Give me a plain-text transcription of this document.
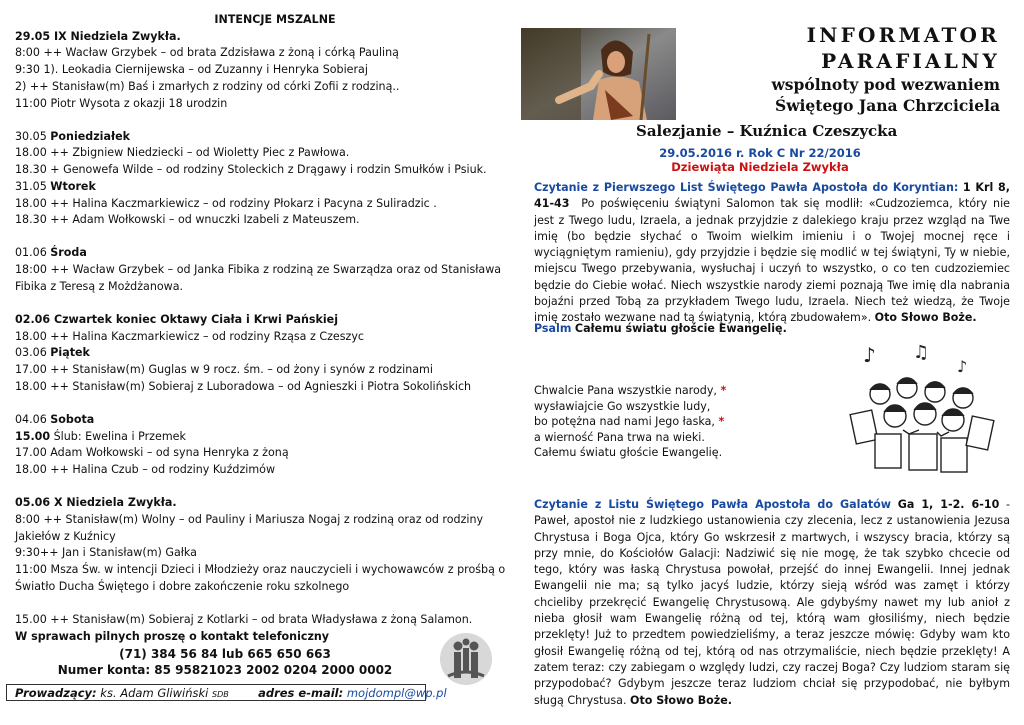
INTENCJE MSZALNE
29.05 IX Niedziela Zwykła.
8:00 ++ Wacław Grzybek – od brata Zdzisława z żoną i córką Pauliną
9:30 1). Leokadia Ciernijewska – od Zuzanny i Henryka Sobieraj
2) ++ Stanisław(m) Baś i zmarłych z rodziny od córki Zofii z rodziną..
11:00 Piotr Wysota z okazji 18 urodzin
30.05 Poniedziałek
18.00 ++ Zbigniew Niedziecki – od Wioletty Piec z Pawłowa.
18.30 + Genowefa Wilde – od rodziny Stoleckich z Drągawy i rodzin Smułków i Psiuk.
31.05 Wtorek
18.00 ++ Halina Kaczmarkiewicz – od rodziny Płokarz i Pacyna z Suliradzic .
18.30 ++ Adam Wołkowski – od wnuczki Izabeli z Mateuszem.
01.06 Środa
18:00 ++ Wacław Grzybek – od Janka Fibika z rodziną ze Swarządza oraz od Stanisława
Fibika z Teresą z Możdżanowa.
02.06 Czwartek koniec Oktawy Ciała i Krwi Pańskiej
18.00 ++ Halina Kaczmarkiewicz – od rodziny Rząsa z Czeszyc
03.06 Piątek
17.00 ++ Stanisław(m) Guglas w 9 rocz. śm. – od żony i synów z rodzinami
18.00 ++ Stanisław(m) Sobieraj z Luboradowa – od Agnieszki i Piotra Sokolińskich
04.06 Sobota
15.00 Ślub: Ewelina i Przemek
17.00 Adam Wołkowski – od syna Henryka z żoną
18.00 ++ Halina Czub – od rodziny Kuździmów
05.06 X Niedziela Zwykła.
8:00 ++ Stanisław(m) Wolny – od Pauliny i Mariusza Nogaj z rodziną oraz od rodziny
Jakiełów z Kuźnicy
9:30++ Jan i Stanisław(m) Gałka
11:00 Msza Św. w intencji Dzieci i Młodzieży oraz nauczycieli i wychowawców z prośbą o
Światło Ducha Świętego i dobre zakończenie roku szkolnego
15.00 ++ Stanisław(m) Sobieraj z Kotlarki – od brata Władysława z żoną Salamon.
W sprawach pilnych proszę o kontakt telefoniczny
(71) 384 56 84 lub 665 650 663
Numer konta: 85 95821023 2002 0204 2000 0002
Prowadzący: ks. Adam Gliwiński SDB	adres e-mail: mojdompl@wp.pl
INFORMATOR
PARAFIALNY
wspólnoty pod wezwaniem
Świętego Jana Chrzciciela
Salezjanie – Kuźnica Czeszycka
29.05.2016 r. Rok C Nr 22/2016
Dziewiąta Niedziela Zwykła
Czytanie z Pierwszego List Świętego Pawła Apostoła do Koryntian: 1 Krl 8, 41-43 Po poświęceniu świątyni Salomon tak się modlił: «Cudzoziemca, który nie jest z Twego ludu, Izraela, a jednak przyjdzie z dalekiego kraju przez wzgląd na Twe imię (bo będzie słychać o Twoim wielkim imieniu i o Twojej mocnej ręce i wyciągniętym ramieniu), gdy przyjdzie i będzie się modlić w tej świątyni, Ty w niebie, miejscu Twego przebywania, wysłuchaj i uczyń to wszystko, o co ten cudzoziemiec będzie do Ciebie wołać. Niech wszystkie narody ziemi poznają Twe imię dla nabrania bojaźni przed Tobą za przykładem Twego ludu, Izraela. Niech też wiedzą, że Twoje imię zostało wezwane nad tą świątynią, którą zbudowałem». Oto Słowo Boże.
Psalm Całemu światu głoście Ewangelię.
Chwalcie Pana wszystkie narody, *
wysławiajcie Go wszystkie ludy,
bo potężna nad nami Jego łaska, *
a wierność Pana trwa na wieki.
Całemu światu głoście Ewangelię.
♪ ♫
♪
Czytanie z Listu Świętego Pawła Apostoła do Galatów Ga 1, 1-2. 6-10 - Paweł, apostoł nie z ludzkiego ustanowienia czy zlecenia, lecz z ustanowienia Jezusa Chrystusa i Boga Ojca, który Go wskrzesił z martwych, i wszyscy bracia, którzy są przy mnie, do Kościołów Galacji: Nadziwić się nie mogę, że tak szybko chcecie od tego, który was łaską Chrystusa powołał, przejść do innej Ewangelii. Innej jednak Ewangelii nie ma; są tylko jacyś ludzie, którzy sieją wśród was zamęt i którzy chcieliby przekręcić Ewangelię Chrystusową. Ale gdybyśmy nawet my lub anioł z nieba głosił wam Ewangelię różną od tej, którą wam głosiliśmy, niech będzie przeklęty! Już to przedtem powiedzieliśmy, a teraz jeszcze mówię: Gdyby wam kto głosił Ewangelię różną od tej, którą od nas otrzymaliście, niech będzie przeklęty! A zatem teraz: czy zabiegam o względy ludzi, czy raczej Boga? Czy ludziom staram się przypodobać? Gdybym jeszcze teraz ludziom chciał się przypodobać, nie byłbym sługą Chrystusa. Oto Słowo Boże.
